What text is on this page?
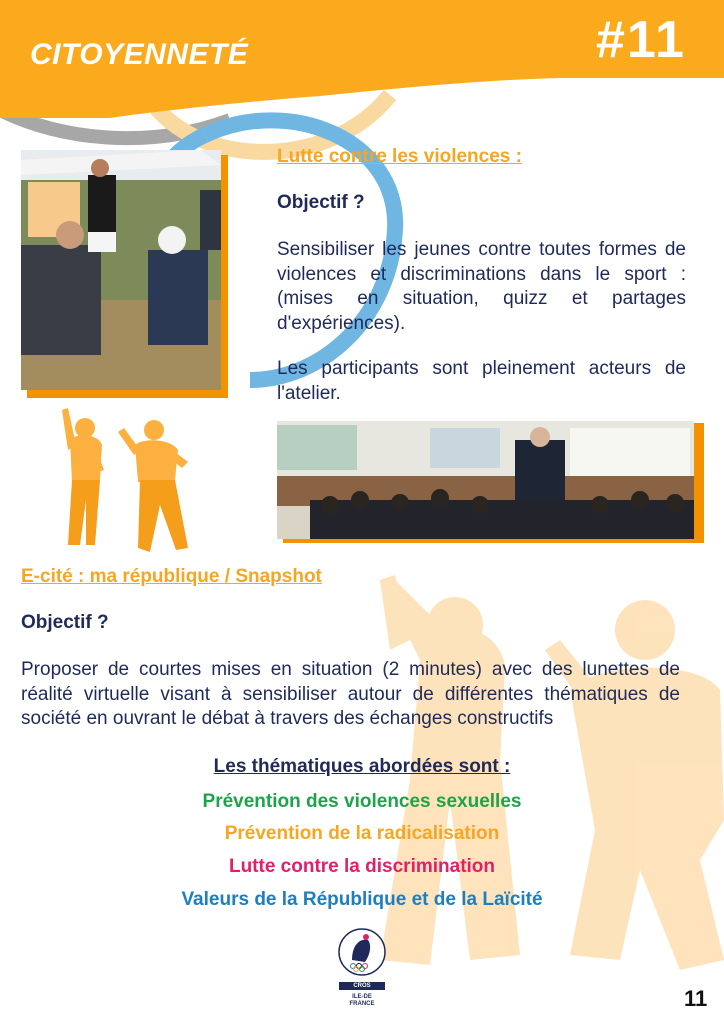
CITOYENNETÉ	#11
Lutte contre les violences :
Objectif ?
Sensibiliser les jeunes contre toutes formes de violences et discriminations dans le sport : (mises en situation, quizz et partages d'expériences).
Les participants sont pleinement acteurs de l'atelier.
E-cité : ma république / Snapshot
Objectif ?
Proposer de courtes mises en situation (2 minutes) avec des lunettes de réalité virtuelle visant à sensibiliser autour de différentes thématiques de société en ouvrant le débat à travers des échanges constructifs
Les thématiques abordées sont :
Prévention des violences sexuelles
Prévention de la radicalisation
Lutte contre la discrimination
Valeurs de la République et de la Laïcité
CROS
ILE-DE
FRANCE	11
